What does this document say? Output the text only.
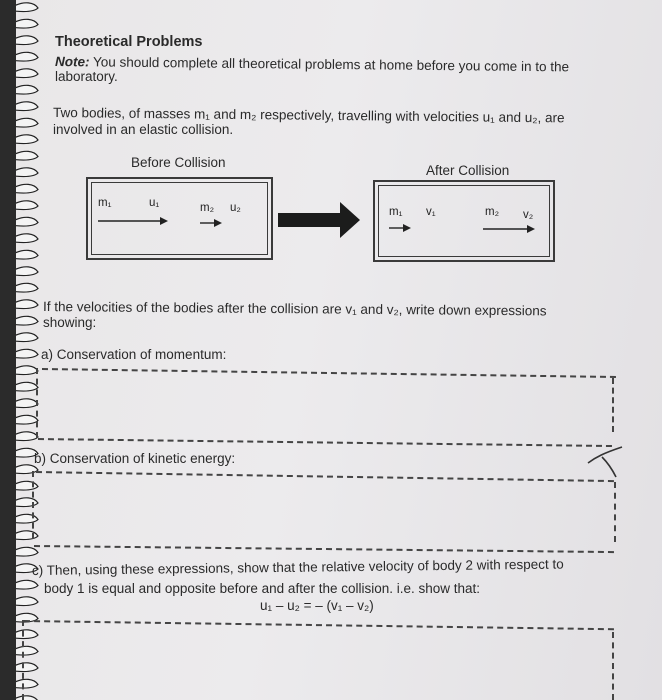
Theoretical Problems
Note: You should complete all theoretical problems at home before you come in to the
laboratory.
Two bodies, of masses m₁ and m₂ respectively, travelling with velocities u₁ and u₂, are
involved in an elastic collision.
Before Collision
After Collision
m₁	u₁	m₂ u₂	m₁ v₁	m₂ v₂
If the velocities of the bodies after the collision are v₁ and v₂, write down expressions
showing:
a) Conservation of momentum:
b) Conservation of kinetic energy:
c) Then, using these expressions, show that the relative velocity of body 2 with respect to
body 1 is equal and opposite before and after the collision. i.e. show that:
u₁ – u₂ = – (v₁ – v₂)
